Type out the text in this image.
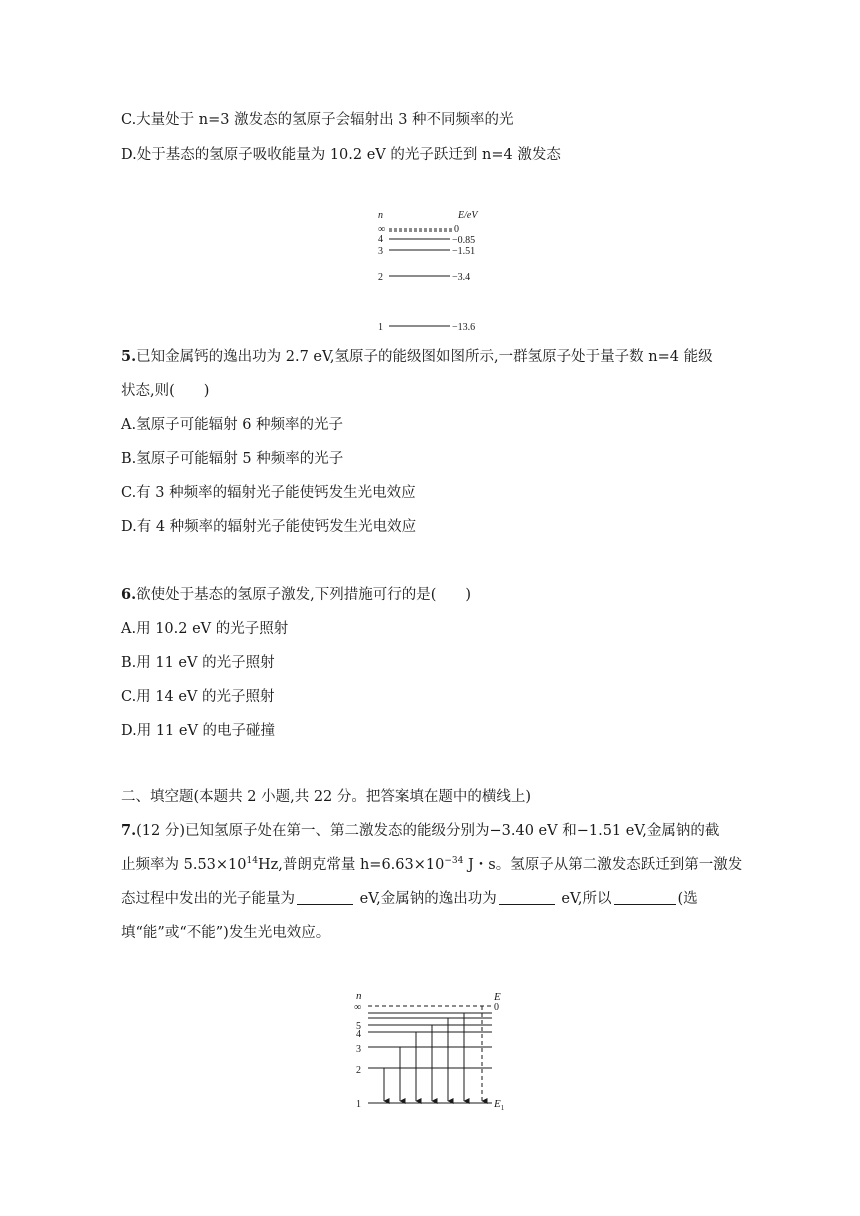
C.大量处于 n=3 激发态的氢原子会辐射出 3 种不同频率的光
D.处于基态的氢原子吸收能量为 10.2 eV 的光子跃迁到 n=4 激发态
n	E/eV
∞	0
4	−0.85
3	−1.51
2	−3.4
1	−13.6
5.已知金属钙的逸出功为 2.7 eV,氢原子的能级图如图所示,一群氢原子处于量子数 n=4 能级
状态,则(　　)
A.氢原子可能辐射 6 种频率的光子
B.氢原子可能辐射 5 种频率的光子
C.有 3 种频率的辐射光子能使钙发生光电效应
D.有 4 种频率的辐射光子能使钙发生光电效应
6.欲使处于基态的氢原子激发,下列措施可行的是(　　)
A.用 10.2 eV 的光子照射
B.用 11 eV 的光子照射
C.用 14 eV 的光子照射
D.用 11 eV 的电子碰撞
二、填空题(本题共 2 小题,共 22 分。把答案填在题中的横线上)
7.(12 分)已知氢原子处在第一、第二激发态的能级分别为−3.40 eV 和−1.51 eV,金属钠的截
止频率为 $5.53\times 10^{14}Hz$,普朗克常量 $h=6.63\times 10^{-34}$ J・s。氢原子从第二激发态跃迁到第一激发
态过程中发出的光子能量为	eV,金属钠的逸出功为	eV,所以	(选
填“能”或“不能”)发生光电效应。
n	E
∞	0
5
4
3
2
1	$E_1$
